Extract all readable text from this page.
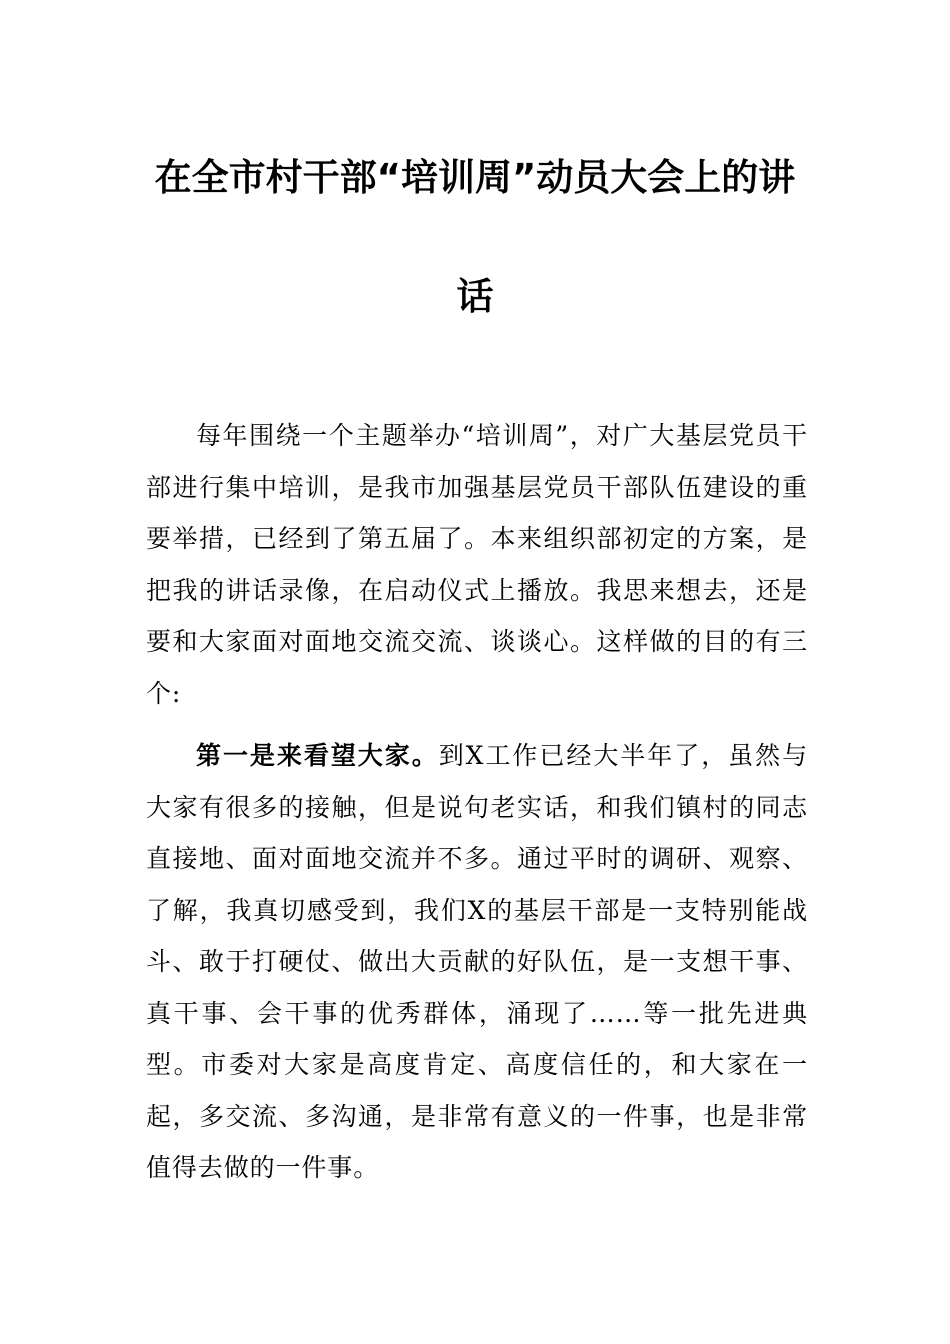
在全市村干部“培训周”动员大会上的讲
话

每年围绕一个主题举办“培训周”，对广大基层党员干部进行集中培训，是我市加强基层党员干部队伍建设的重要举措，已经到了第五届了。本来组织部初定的方案，是把我的讲话录像，在启动仪式上播放。我思来想去，还是要和大家面对面地交流交流、谈谈心。这样做的目的有三个:

第一是来看望大家。到X工作已经大半年了，虽然与大家有很多的接触，但是说句老实话，和我们镇村的同志直接地、面对面地交流并不多。通过平时的调研、观察、了解，我真切感受到，我们X的基层干部是一支特别能战斗、敢于打硬仗、做出大贡献的好队伍，是一支想干事、真干事、会干事的优秀群体，涌现了……等一批先进典型。市委对大家是高度肯定、高度信任的，和大家在一起，多交流、多沟通，是非常有意义的一件事，也是非常值得去做的一件事。
